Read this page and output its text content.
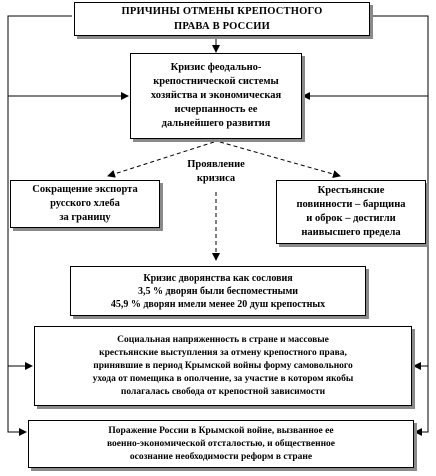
ПРИЧИНЫ ОТМЕНЫ КРЕПОСТНОГО
ПРАВА В РОССИИ
Кризис феодально-
крепостнической системы
хозяйства и экономическая
исчерпанность ее
дальнейшего развития
Проявление
кризиса
Сокращение экспорта
русского хлеба
за границу
Крестьянские
повинности – барщина
и оброк – достигли
наивысшего предела
Кризис дворянства как сословия
3,5 % дворян были беспоместными
45,9 % дворян имели менее 20 душ крепостных
Социальная напряженность в стране и массовые
крестьянские выступления за отмену крепостного права,
принявшие в период Крымской войны форму самовольного
ухода от помещика в ополчение, за участие в котором якобы
полагалась свобода от крепостной зависимости
Поражение России в Крымской войне, вызванное ее
военно-экономической отсталостью, и общественное
осознание необходимости реформ в стране
